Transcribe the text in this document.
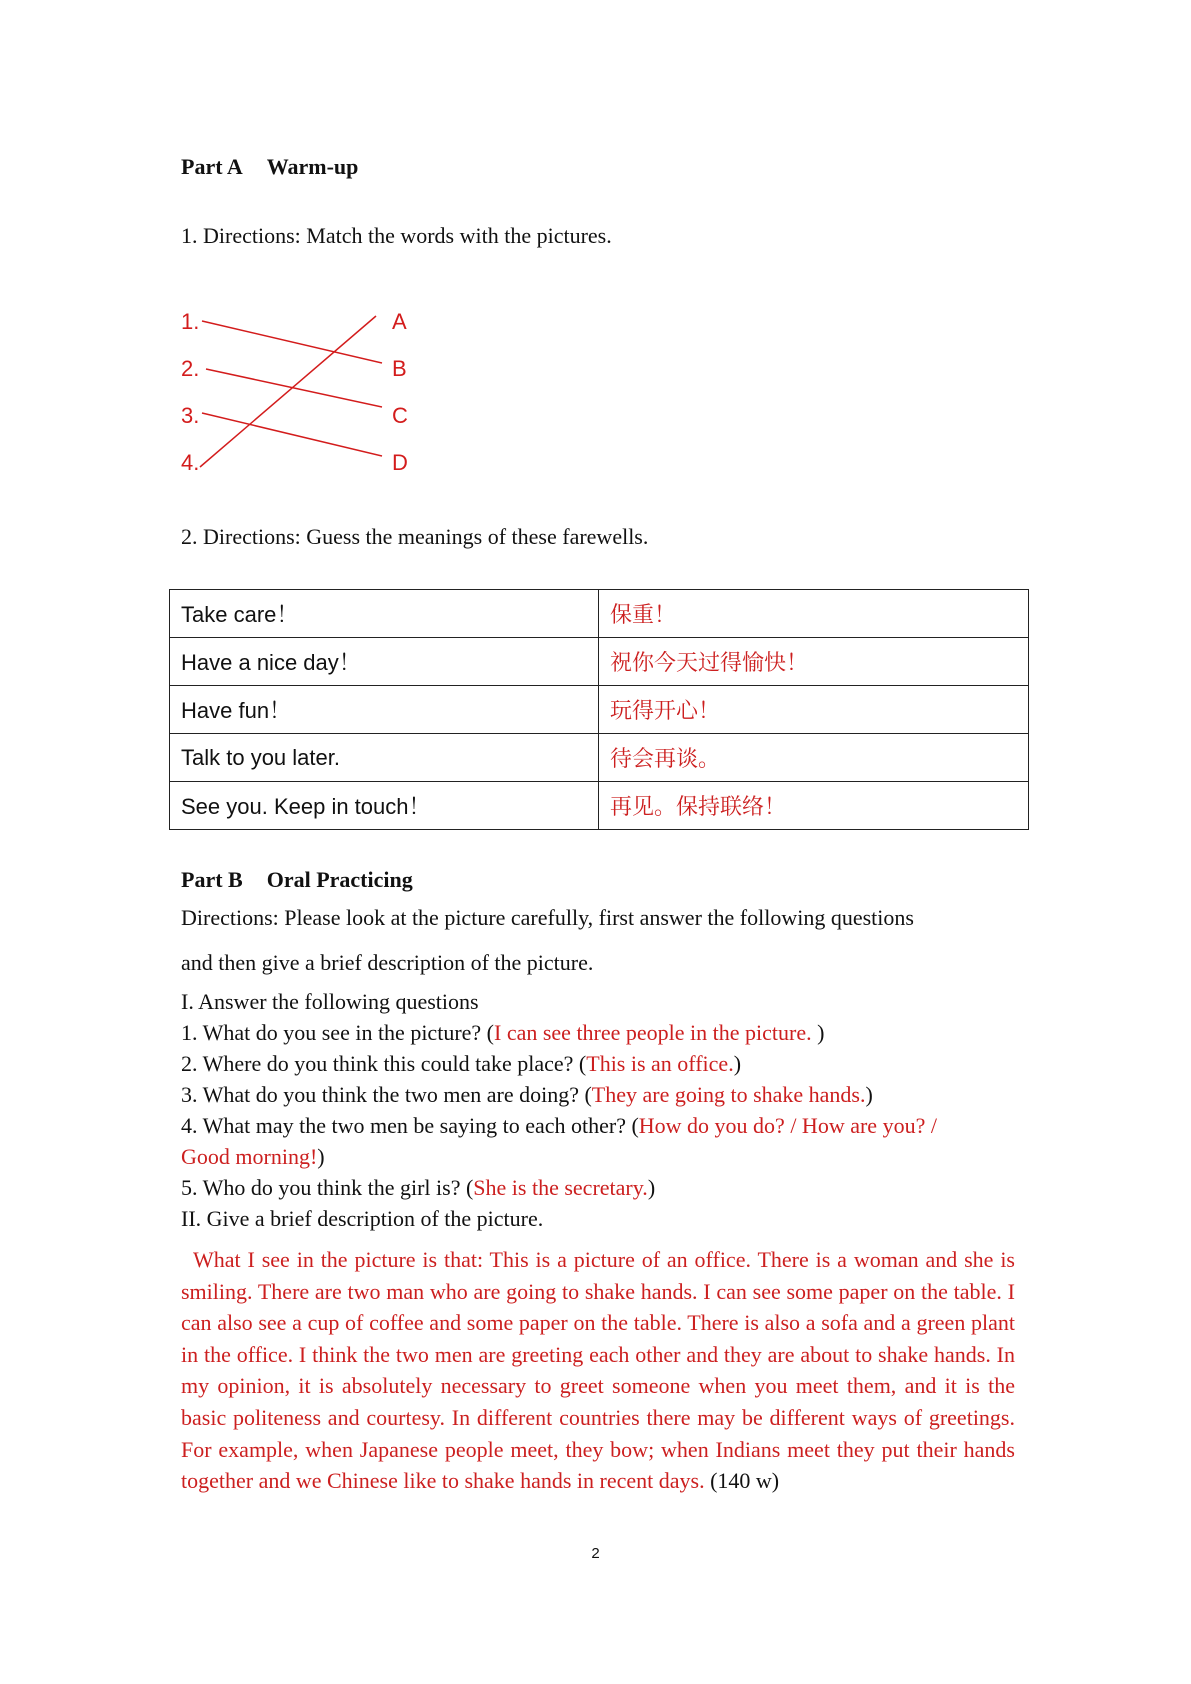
Part A Warm-up
1. Directions: Match the words with the pictures.
1.
2.
3.
4.
A
B
C
D
2. Directions: Guess the meanings of these farewells.
Take care！	保重！
Have a nice day！	祝你今天过得愉快！
Have fun！	玩得开心！
Talk to you later.	待会再谈。
See you. Keep in touch！	再见。保持联络！
Part B Oral Practicing
Directions: Please look at the picture carefully, first answer the following questions
and then give a brief description of the picture.
I. Answer the following questions
1. What do you see in the picture? (I can see three people in the picture. )
2. Where do you think this could take place? (This is an office.)
3. What do you think the two men are doing? (They are going to shake hands.)
4. What may the two men be saying to each other? (How do you do? / How are you? /
Good morning!)
5. Who do you think the girl is? (She is the secretary.)
II. Give a brief description of the picture.
What I see in the picture is that: This is a picture of an office. There is a woman and she is smiling. There are two man who are going to shake hands. I can see some paper on the table. I can also see a cup of coffee and some paper on the table. There is also a sofa and a green plant in the office. I think the two men are greeting each other and they are about to shake hands. In my opinion, it is absolutely necessary to greet someone when you meet them, and it is the basic politeness and courtesy. In different countries there may be different ways of greetings. For example, when Japanese people meet, they bow; when Indians meet they put their hands together and we Chinese like to shake hands in recent days. (140 w)
2
